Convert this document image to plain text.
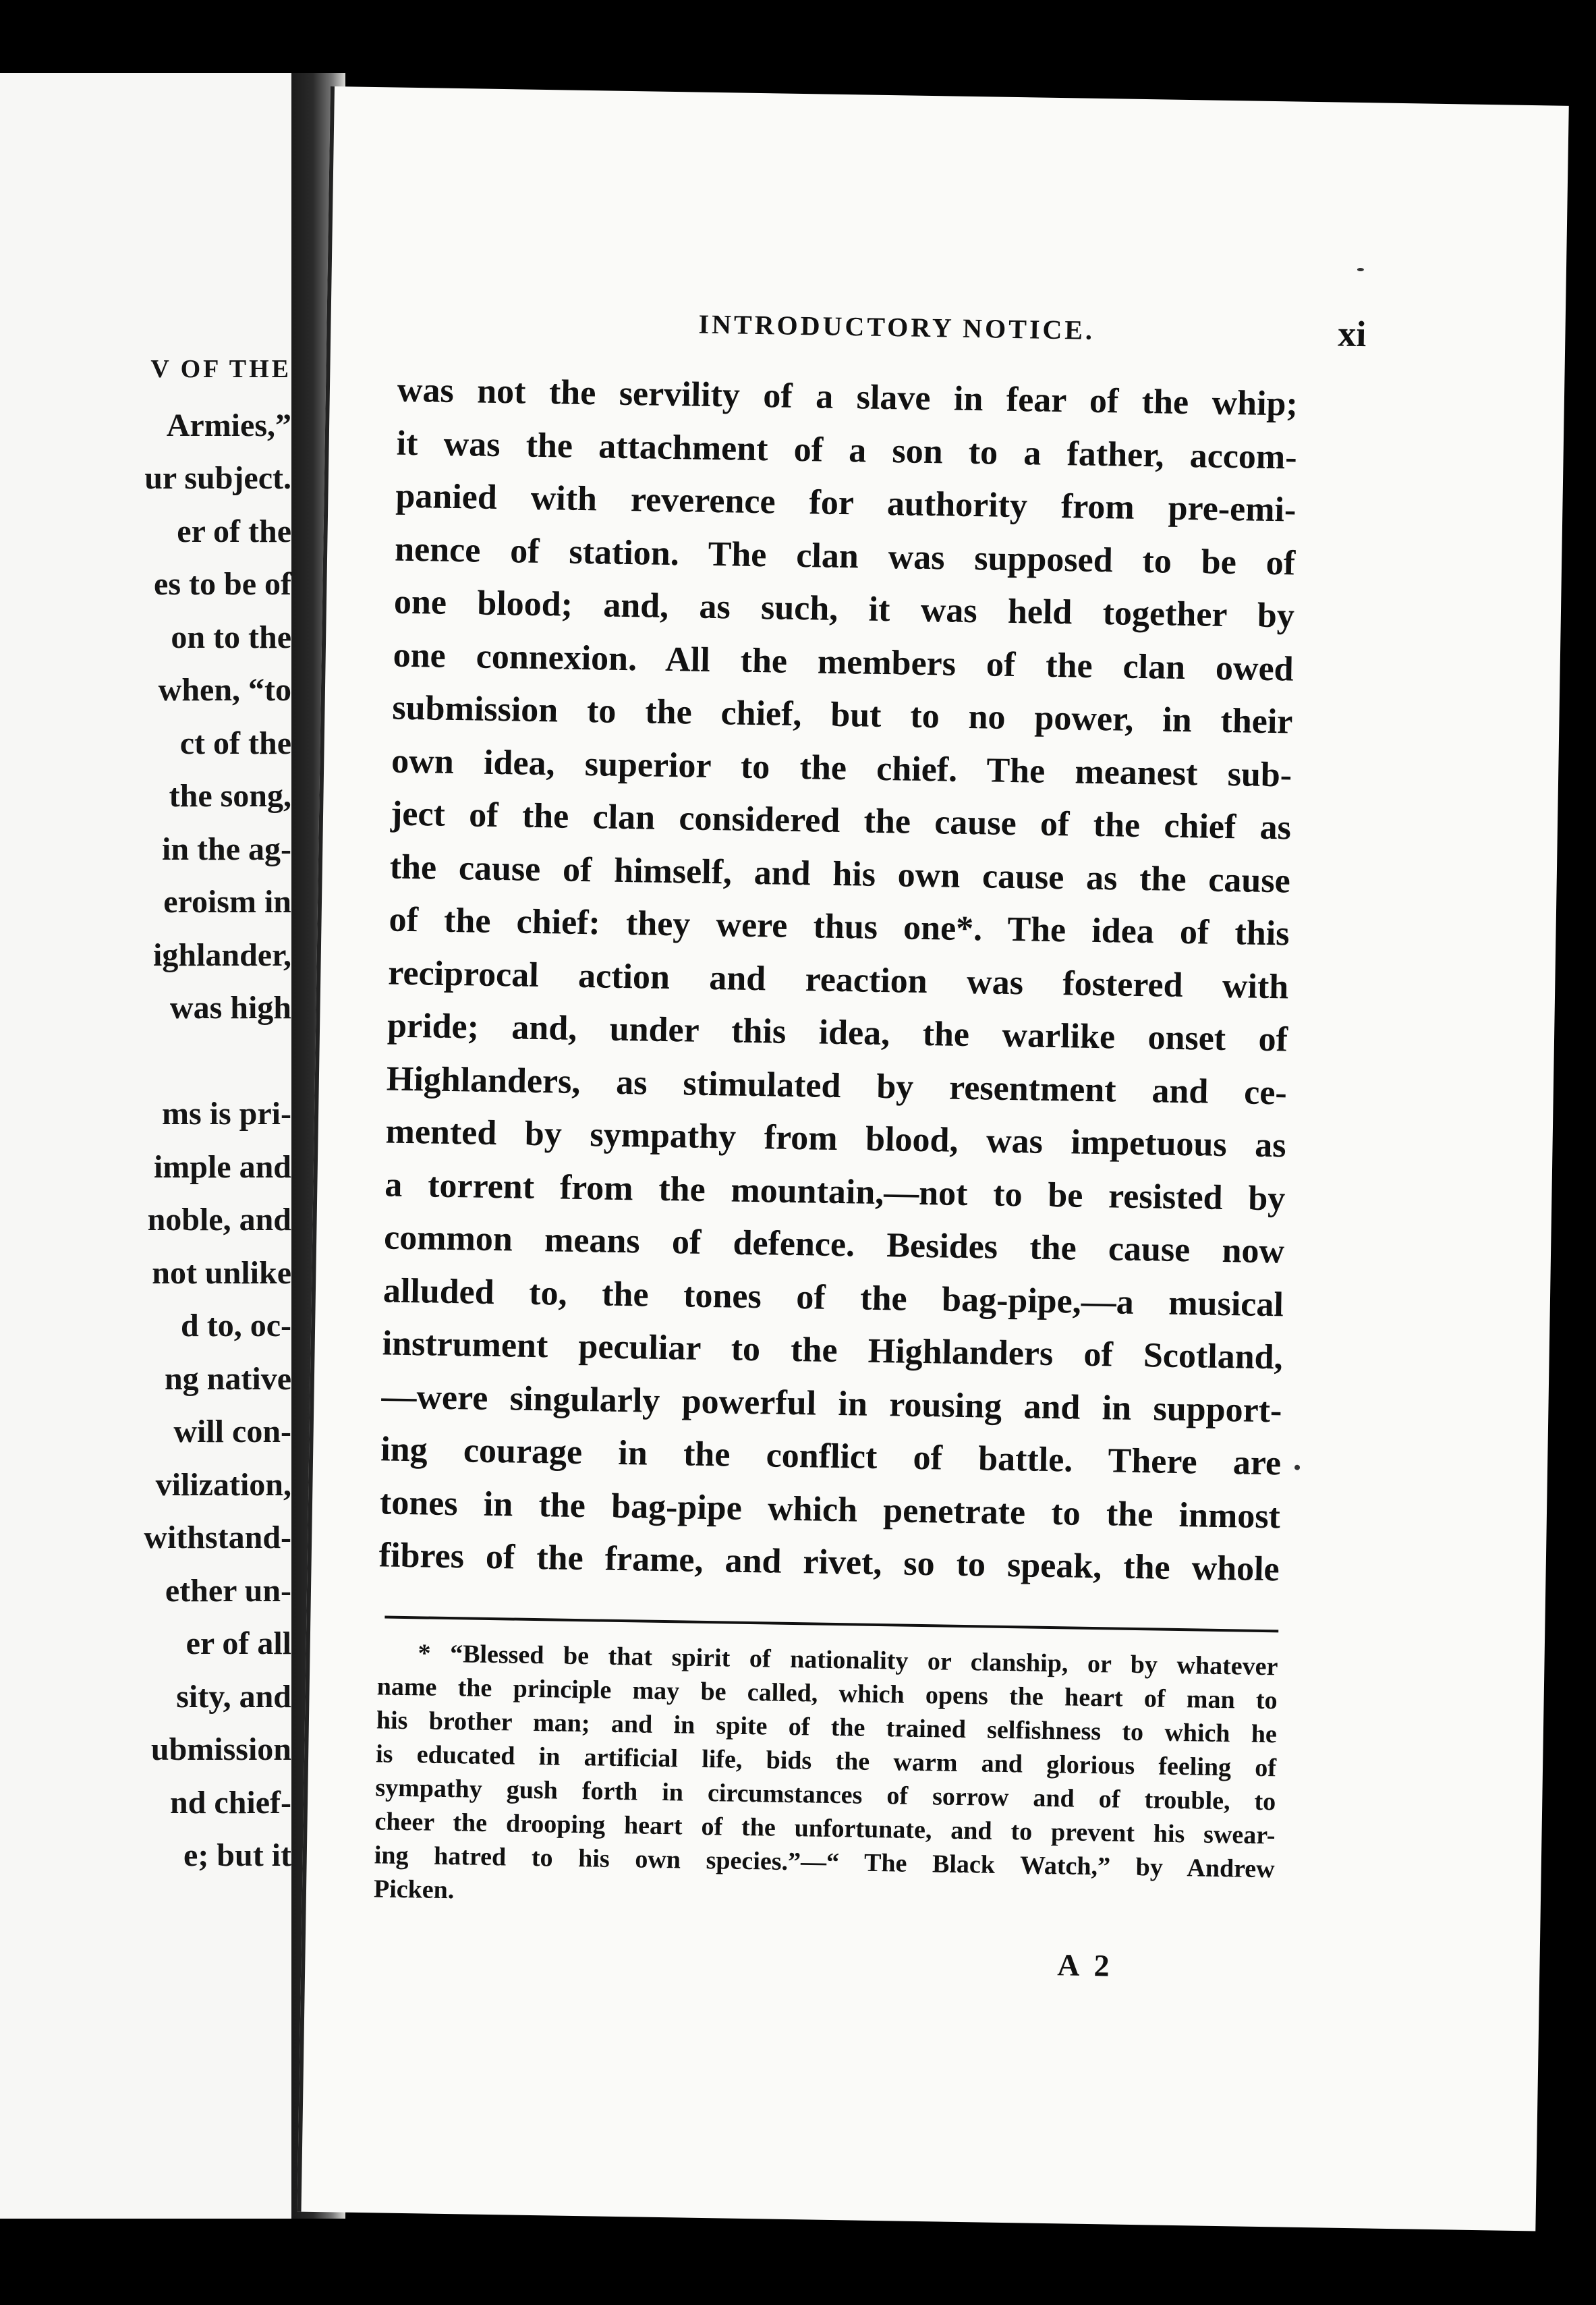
V OF THE
Armies,”
ur subject.
er of the
es to be of
on to the
when, “to
ct of the
the song,
in the ag-
eroism in
ighlander,
was high
ms is pri-
imple and
noble, and
not unlike
d to, oc-
ng native
will con-
vilization,
withstand-
ether un-
er of all
sity, and
ubmission
nd chief-
e; but it
INTRODUCTORY NOTICE.	xi
was not the servility of a slave in fear of the whip;
it was the attachment of a son to a father, accom-
panied with reverence for authority from pre-emi-
nence of station. The clan was supposed to be of
one blood; and, as such, it was held together by
one connexion. All the members of the clan owed
submission to the chief, but to no power, in their
own idea, superior to the chief. The meanest sub-
ject of the clan considered the cause of the chief as
the cause of himself, and his own cause as the cause
of the chief: they were thus one*. The idea of this
reciprocal action and reaction was fostered with
pride; and, under this idea, the warlike onset of
Highlanders, as stimulated by resentment and ce-
mented by sympathy from blood, was impetuous as
a torrent from the mountain,—not to be resisted by
common means of defence. Besides the cause now
alluded to, the tones of the bag-pipe,—a musical
instrument peculiar to the Highlanders of Scotland,
—were singularly powerful in rousing and in support-
ing courage in the conflict of battle. There are
tones in the bag-pipe which penetrate to the inmost
fibres of the frame, and rivet, so to speak, the whole
* “Blessed be that spirit of nationality or clanship, or by whatever
name the principle may be called, which opens the heart of man to
his brother man; and in spite of the trained selfishness to which he
is educated in artificial life, bids the warm and glorious feeling of
sympathy gush forth in circumstances of sorrow and of trouble, to
cheer the drooping heart of the unfortunate, and to prevent his swear-
ing hatred to his own species.”—“ The Black Watch,” by Andrew
Picken.
A 2
